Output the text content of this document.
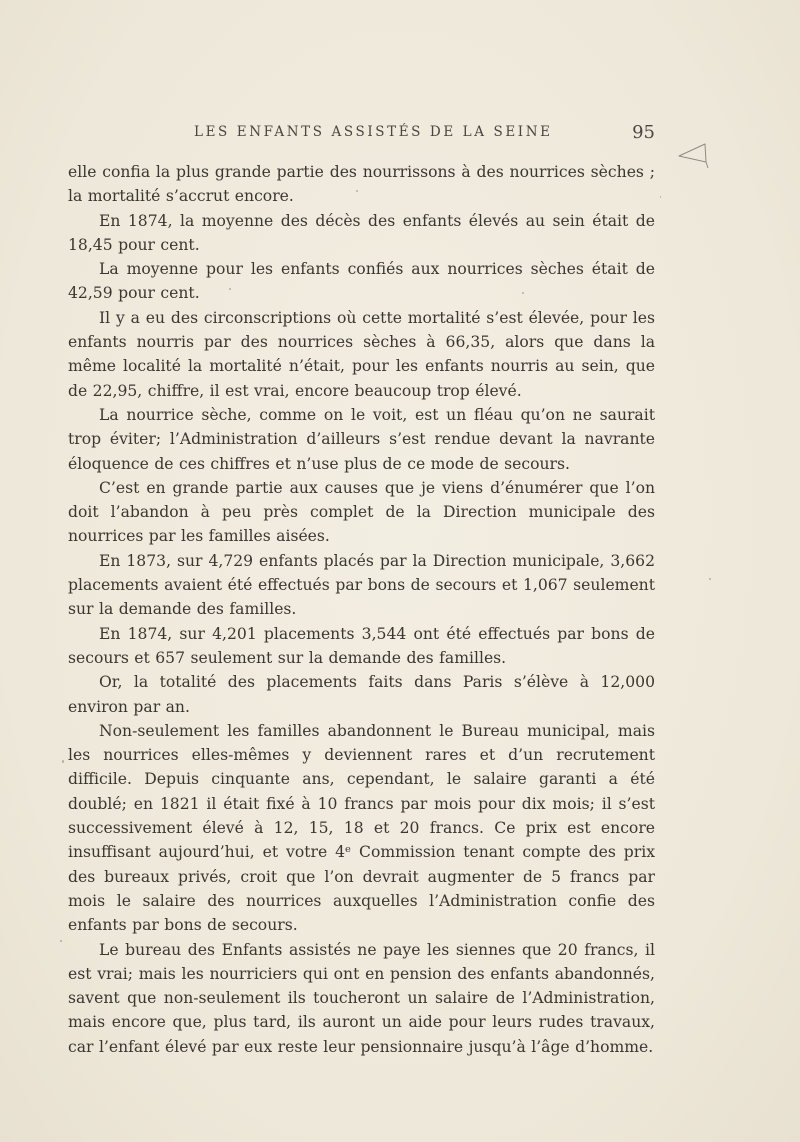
LES ENFANTS ASSISTÉS DE LA SEINE	95

elle confia la plus grande partie des nourrissons à des nourrices sèches ; la mortalité s’accrut encore.

En 1874, la moyenne des décès des enfants élevés au sein était de 18,45 pour cent.

La moyenne pour les enfants confiés aux nourrices sèches était de 42,59 pour cent.

Il y a eu des circonscriptions où cette mortalité s’est élevée, pour les enfants nourris par des nourrices sèches à 66,35, alors que dans la même localité la mortalité n’était, pour les enfants nourris au sein, que de 22,95, chiffre, il est vrai, encore beaucoup trop élevé.

La nourrice sèche, comme on le voit, est un fléau qu’on ne saurait trop éviter; l’Administration d’ailleurs s’est rendue devant la navrante éloquence de ces chiffres et n’use plus de ce mode de secours.

C’est en grande partie aux causes que je viens d’énumérer que l’on doit l’abandon à peu près complet de la Direction municipale des nourrices par les familles aisées.

En 1873, sur 4,729 enfants placés par la Direction municipale, 3,662 placements avaient été effectués par bons de secours et 1,067 seulement sur la demande des familles.

En 1874, sur 4,201 placements 3,544 ont été effectués par bons de secours et 657 seulement sur la demande des familles.

Or, la totalité des placements faits dans Paris s’élève à 12,000 environ par an.

Non-seulement les familles abandonnent le Bureau municipal, mais les nourrices elles-mêmes y deviennent rares et d’un recrutement difficile. Depuis cinquante ans, cependant, le salaire garanti a été doublé; en 1821 il était fixé à 10 francs par mois pour dix mois; il s’est successivement élevé à 12, 15, 18 et 20 francs. Ce prix est encore insuffisant aujourd’hui, et votre 4ᵉ Commission tenant compte des prix des bureaux privés, croit que l’on devrait augmenter de 5 francs par mois le salaire des nourrices auxquelles l’Administration confie des enfants par bons de secours.

Le bureau des Enfants assistés ne paye les siennes que 20 francs, il est vrai; mais les nourriciers qui ont en pension des enfants abandonnés, savent que non-seulement ils toucheront un salaire de l’Administration, mais encore que, plus tard, ils auront un aide pour leurs rudes travaux, car l’enfant élevé par eux reste leur pensionnaire jusqu’à l’âge d’homme.
